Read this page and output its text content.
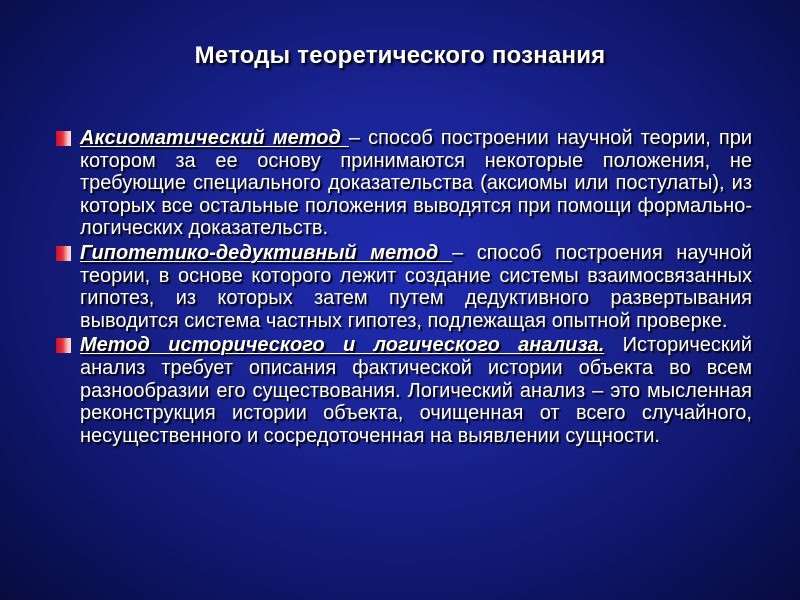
Методы теоретического познания
Аксиоматический метод – способ построении научной теории, при котором за ее основу принимаются некоторые положения, не требующие специального доказательства (аксиомы или постулаты), из которых все остальные положения выводятся при помощи формально-логических доказательств.
Гипотетико-дедуктивный метод – способ построения научной теории, в основе которого лежит создание системы взаимосвязанных гипотез, из которых затем путем дедуктивного развертывания выводится система частных гипотез, подлежащая опытной проверке.
Метод исторического и логического анализа. Исторический анализ требует описания фактической истории объекта во всем разнообразии его существования. Логический анализ – это мысленная реконструкция истории объекта, очищенная от всего случайного, несущественного и сосредоточенная на выявлении сущности.
